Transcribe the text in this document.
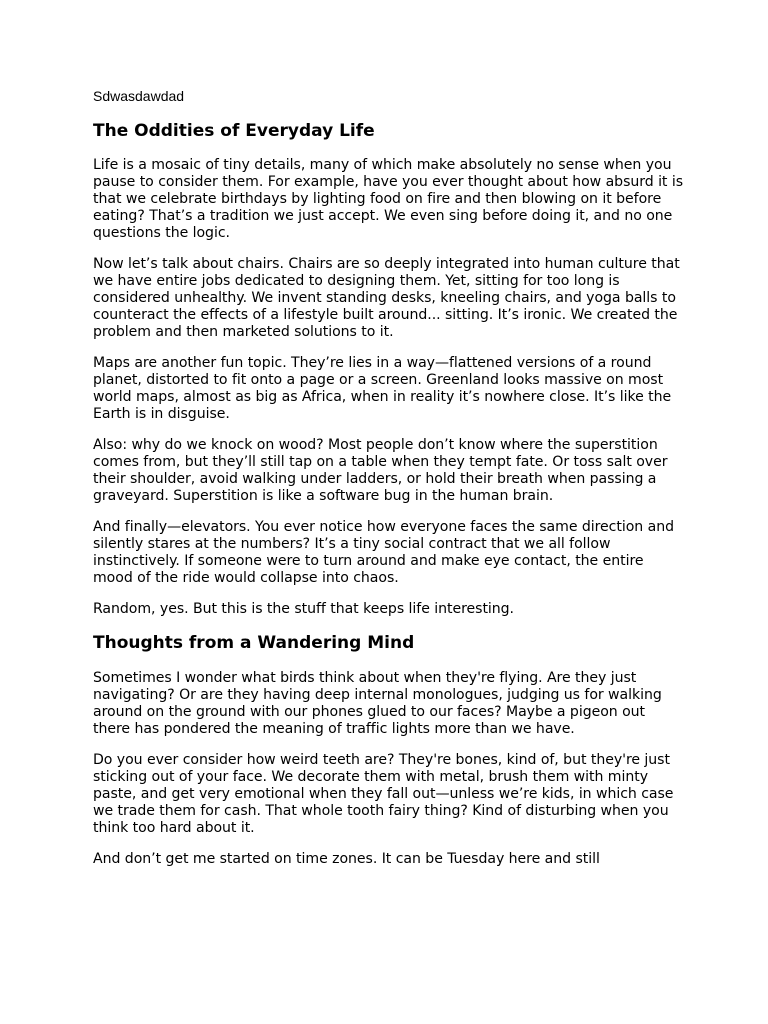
Sdwasdawdad
The Oddities of Everyday Life

Life is a mosaic of tiny details, many of which make absolutely no sense when you pause to consider them. For example, have you ever thought about how absurd it is that we celebrate birthdays by lighting food on fire and then blowing on it before eating? That’s a tradition we just accept. We even sing before doing it, and no one questions the logic.

Now let’s talk about chairs. Chairs are so deeply integrated into human culture that we have entire jobs dedicated to designing them. Yet, sitting for too long is considered unhealthy. We invent standing desks, kneeling chairs, and yoga balls to counteract the effects of a lifestyle built around... sitting. It’s ironic. We created the problem and then marketed solutions to it.

Maps are another fun topic. They’re lies in a way—flattened versions of a round planet, distorted to fit onto a page or a screen. Greenland looks massive on most world maps, almost as big as Africa, when in reality it’s nowhere close. It’s like the Earth is in disguise.

Also: why do we knock on wood? Most people don’t know where the superstition comes from, but they’ll still tap on a table when they tempt fate. Or toss salt over their shoulder, avoid walking under ladders, or hold their breath when passing a graveyard. Superstition is like a software bug in the human brain.

And finally—elevators. You ever notice how everyone faces the same direction and silently stares at the numbers? It’s a tiny social contract that we all follow instinctively. If someone were to turn around and make eye contact, the entire mood of the ride would collapse into chaos.

Random, yes. But this is the stuff that keeps life interesting.

Thoughts from a Wandering Mind

Sometimes I wonder what birds think about when they're flying. Are they just navigating? Or are they having deep internal monologues, judging us for walking around on the ground with our phones glued to our faces? Maybe a pigeon out there has pondered the meaning of traffic lights more than we have.

Do you ever consider how weird teeth are? They're bones, kind of, but they're just sticking out of your face. We decorate them with metal, brush them with minty paste, and get very emotional when they fall out—unless we’re kids, in which case we trade them for cash. That whole tooth fairy thing? Kind of disturbing when you think too hard about it.

And don’t get me started on time zones. It can be Tuesday here and still
